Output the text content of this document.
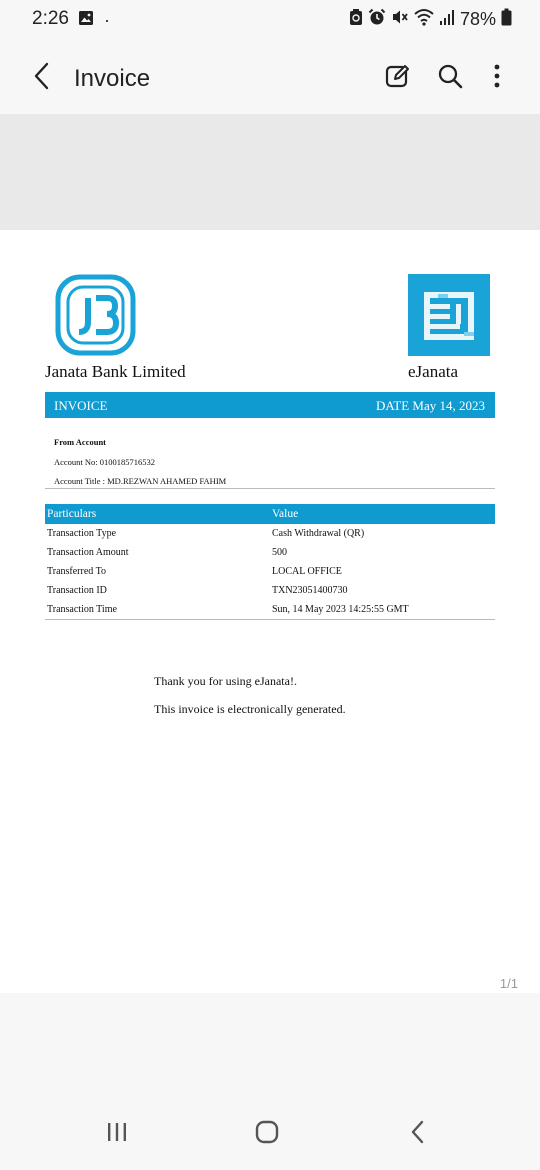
2:26 ·	78%
Invoice
Janata Bank Limited	eJanata
INVOICE	DATE May 14, 2023
From Account
Account No: 0100185716532
Account Title : MD.REZWAN AHAMED FAHIM
Particulars	Value
Transaction Type	Cash Withdrawal (QR)
Transaction Amount	500
Transferred To	LOCAL OFFICE
Transaction ID	TXN23051400730
Transaction Time	Sun, 14 May 2023 14:25:55 GMT
Thank you for using eJanata!.
This invoice is electronically generated.
1/1
